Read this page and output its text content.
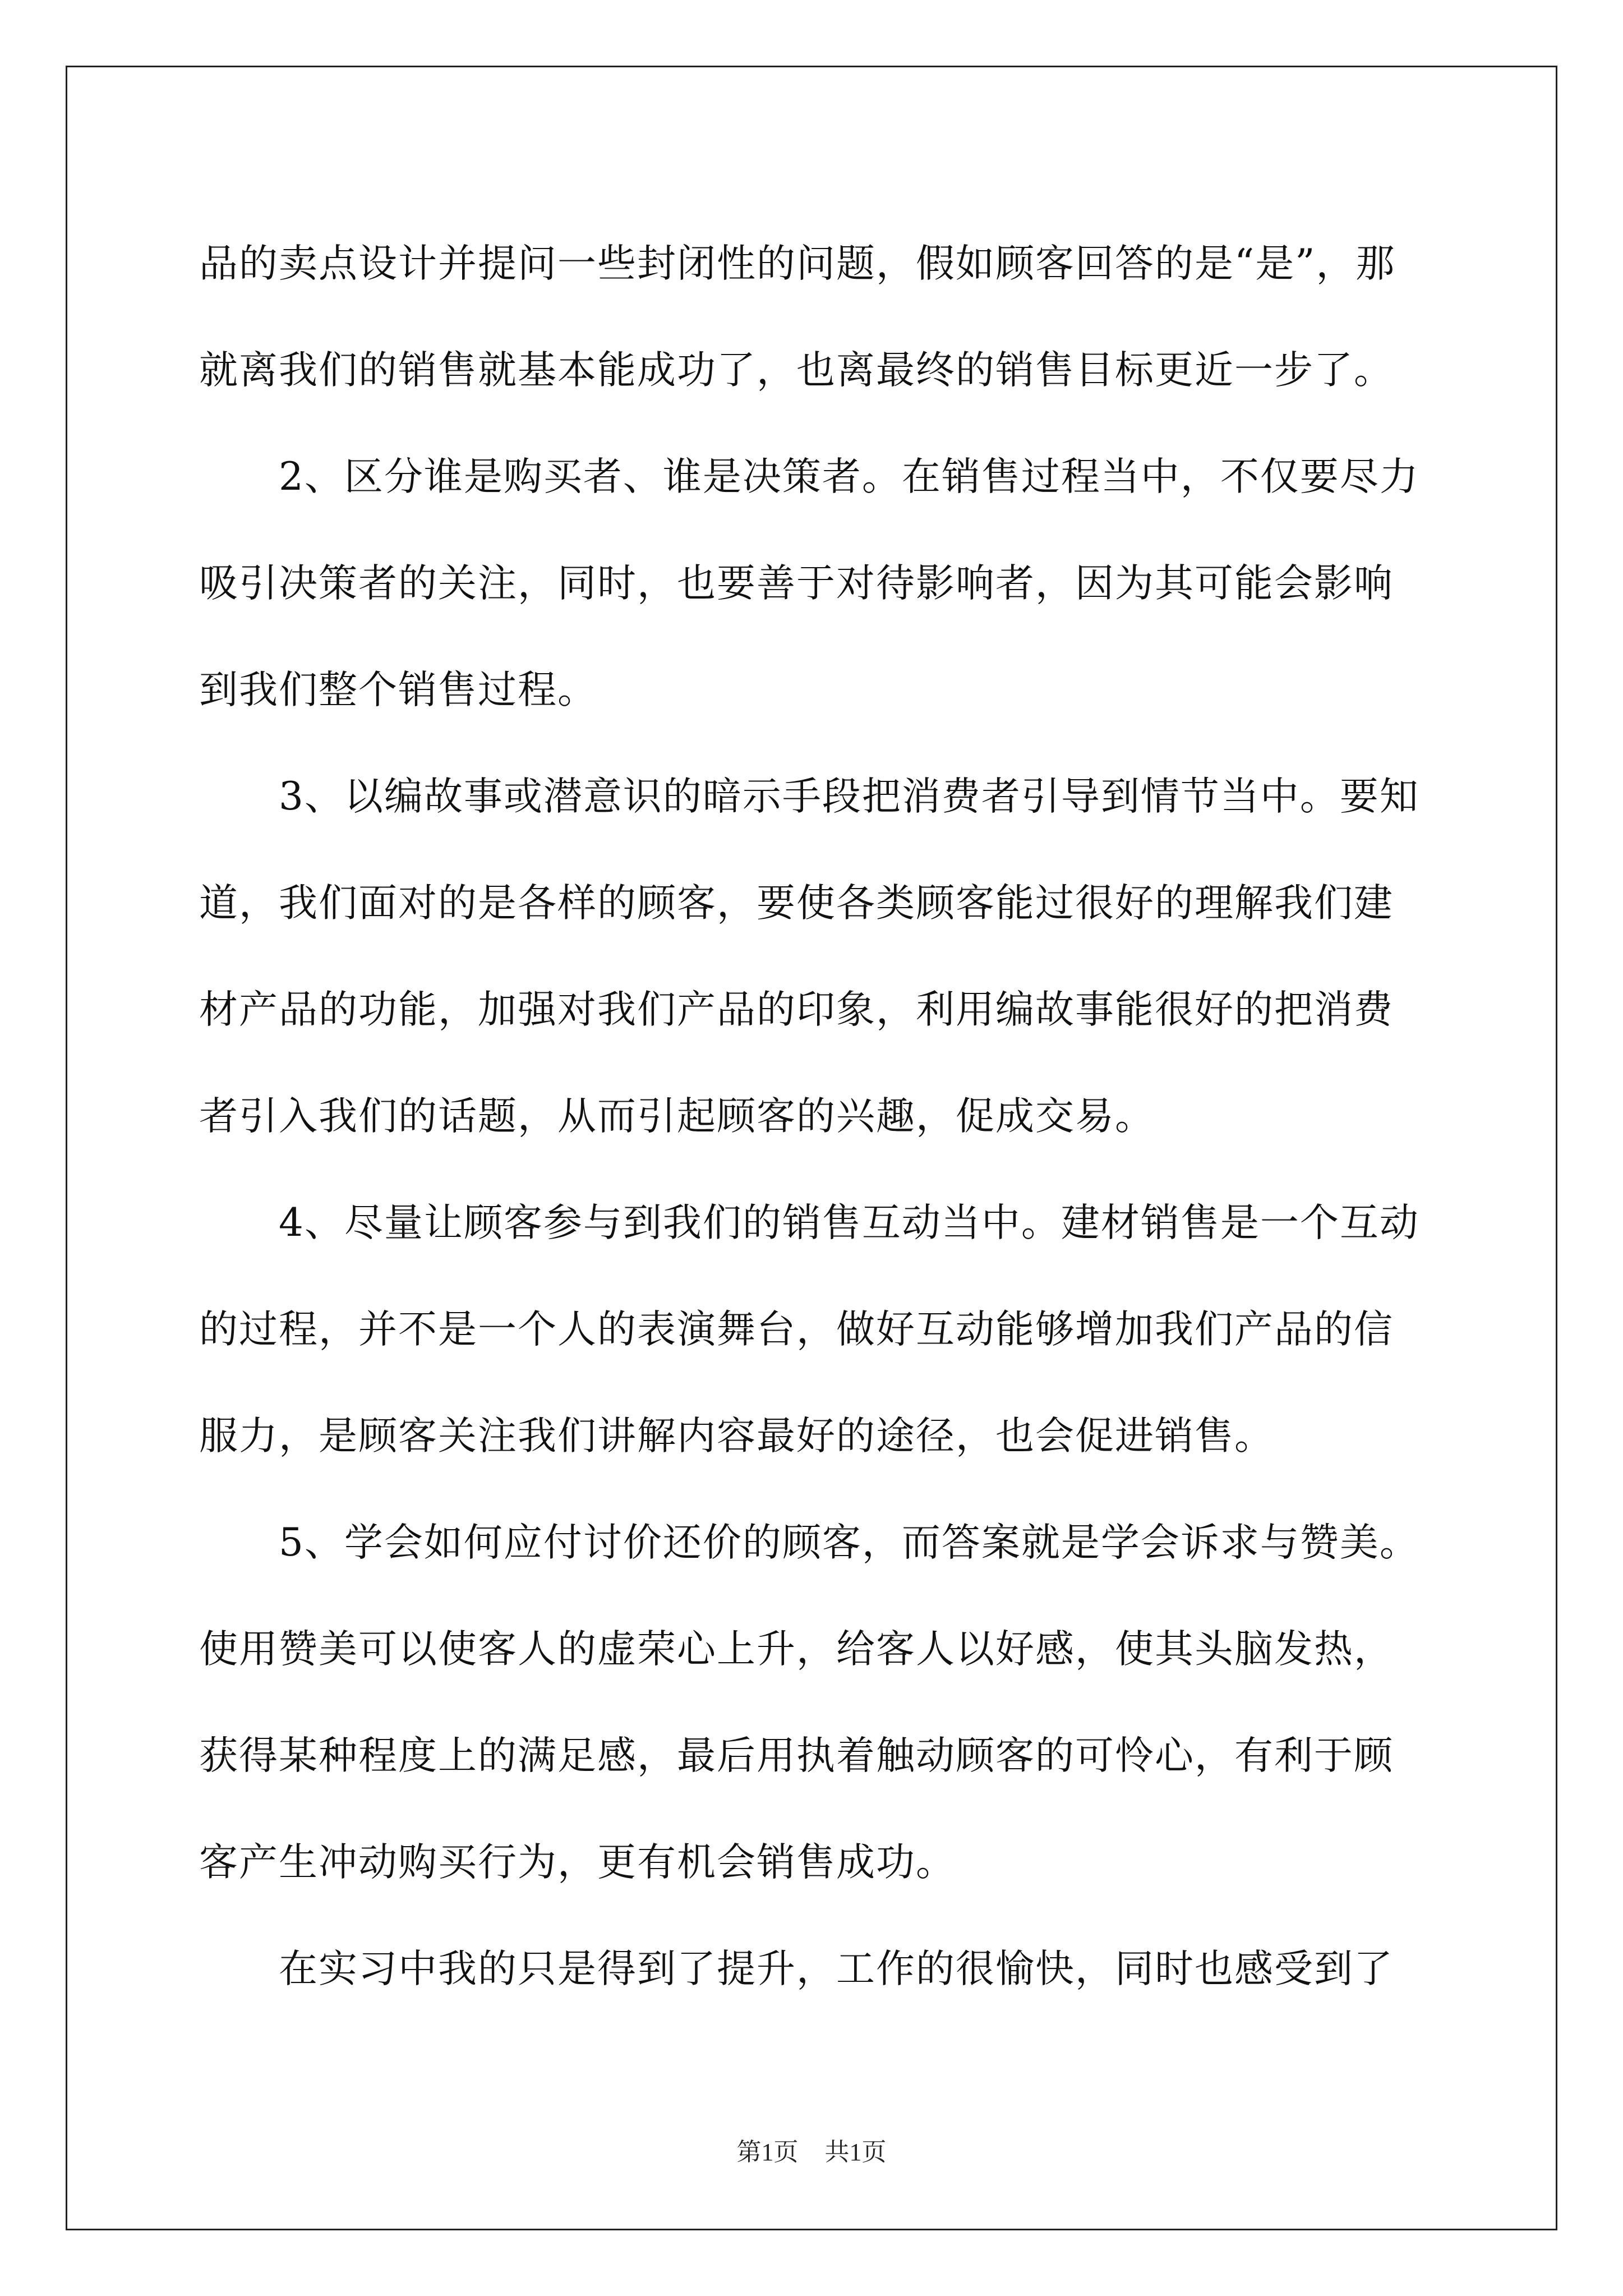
品的卖点设计并提问一些封闭性的问题，假如顾客回答的是“是”，那
就离我们的销售就基本能成功了，也离最终的销售目标更近一步了。
2、区分谁是购买者、谁是决策者。在销售过程当中，不仅要尽力
吸引决策者的关注，同时，也要善于对待影响者，因为其可能会影响
到我们整个销售过程。
3、以编故事或潜意识的暗示手段把消费者引导到情节当中。要知
道，我们面对的是各样的顾客，要使各类顾客能过很好的理解我们建
材产品的功能，加强对我们产品的印象，利用编故事能很好的把消费
者引入我们的话题，从而引起顾客的兴趣，促成交易。
4、尽量让顾客参与到我们的销售互动当中。建材销售是一个互动
的过程，并不是一个人的表演舞台，做好互动能够增加我们产品的信
服力，是顾客关注我们讲解内容最好的途径，也会促进销售。
5、学会如何应付讨价还价的顾客，而答案就是学会诉求与赞美。
使用赞美可以使客人的虚荣心上升，给客人以好感，使其头脑发热，
获得某种程度上的满足感，最后用执着触动顾客的可怜心，有利于顾
客产生冲动购买行为，更有机会销售成功。
在实习中我的只是得到了提升，工作的很愉快，同时也感受到了
第1页 共1页
